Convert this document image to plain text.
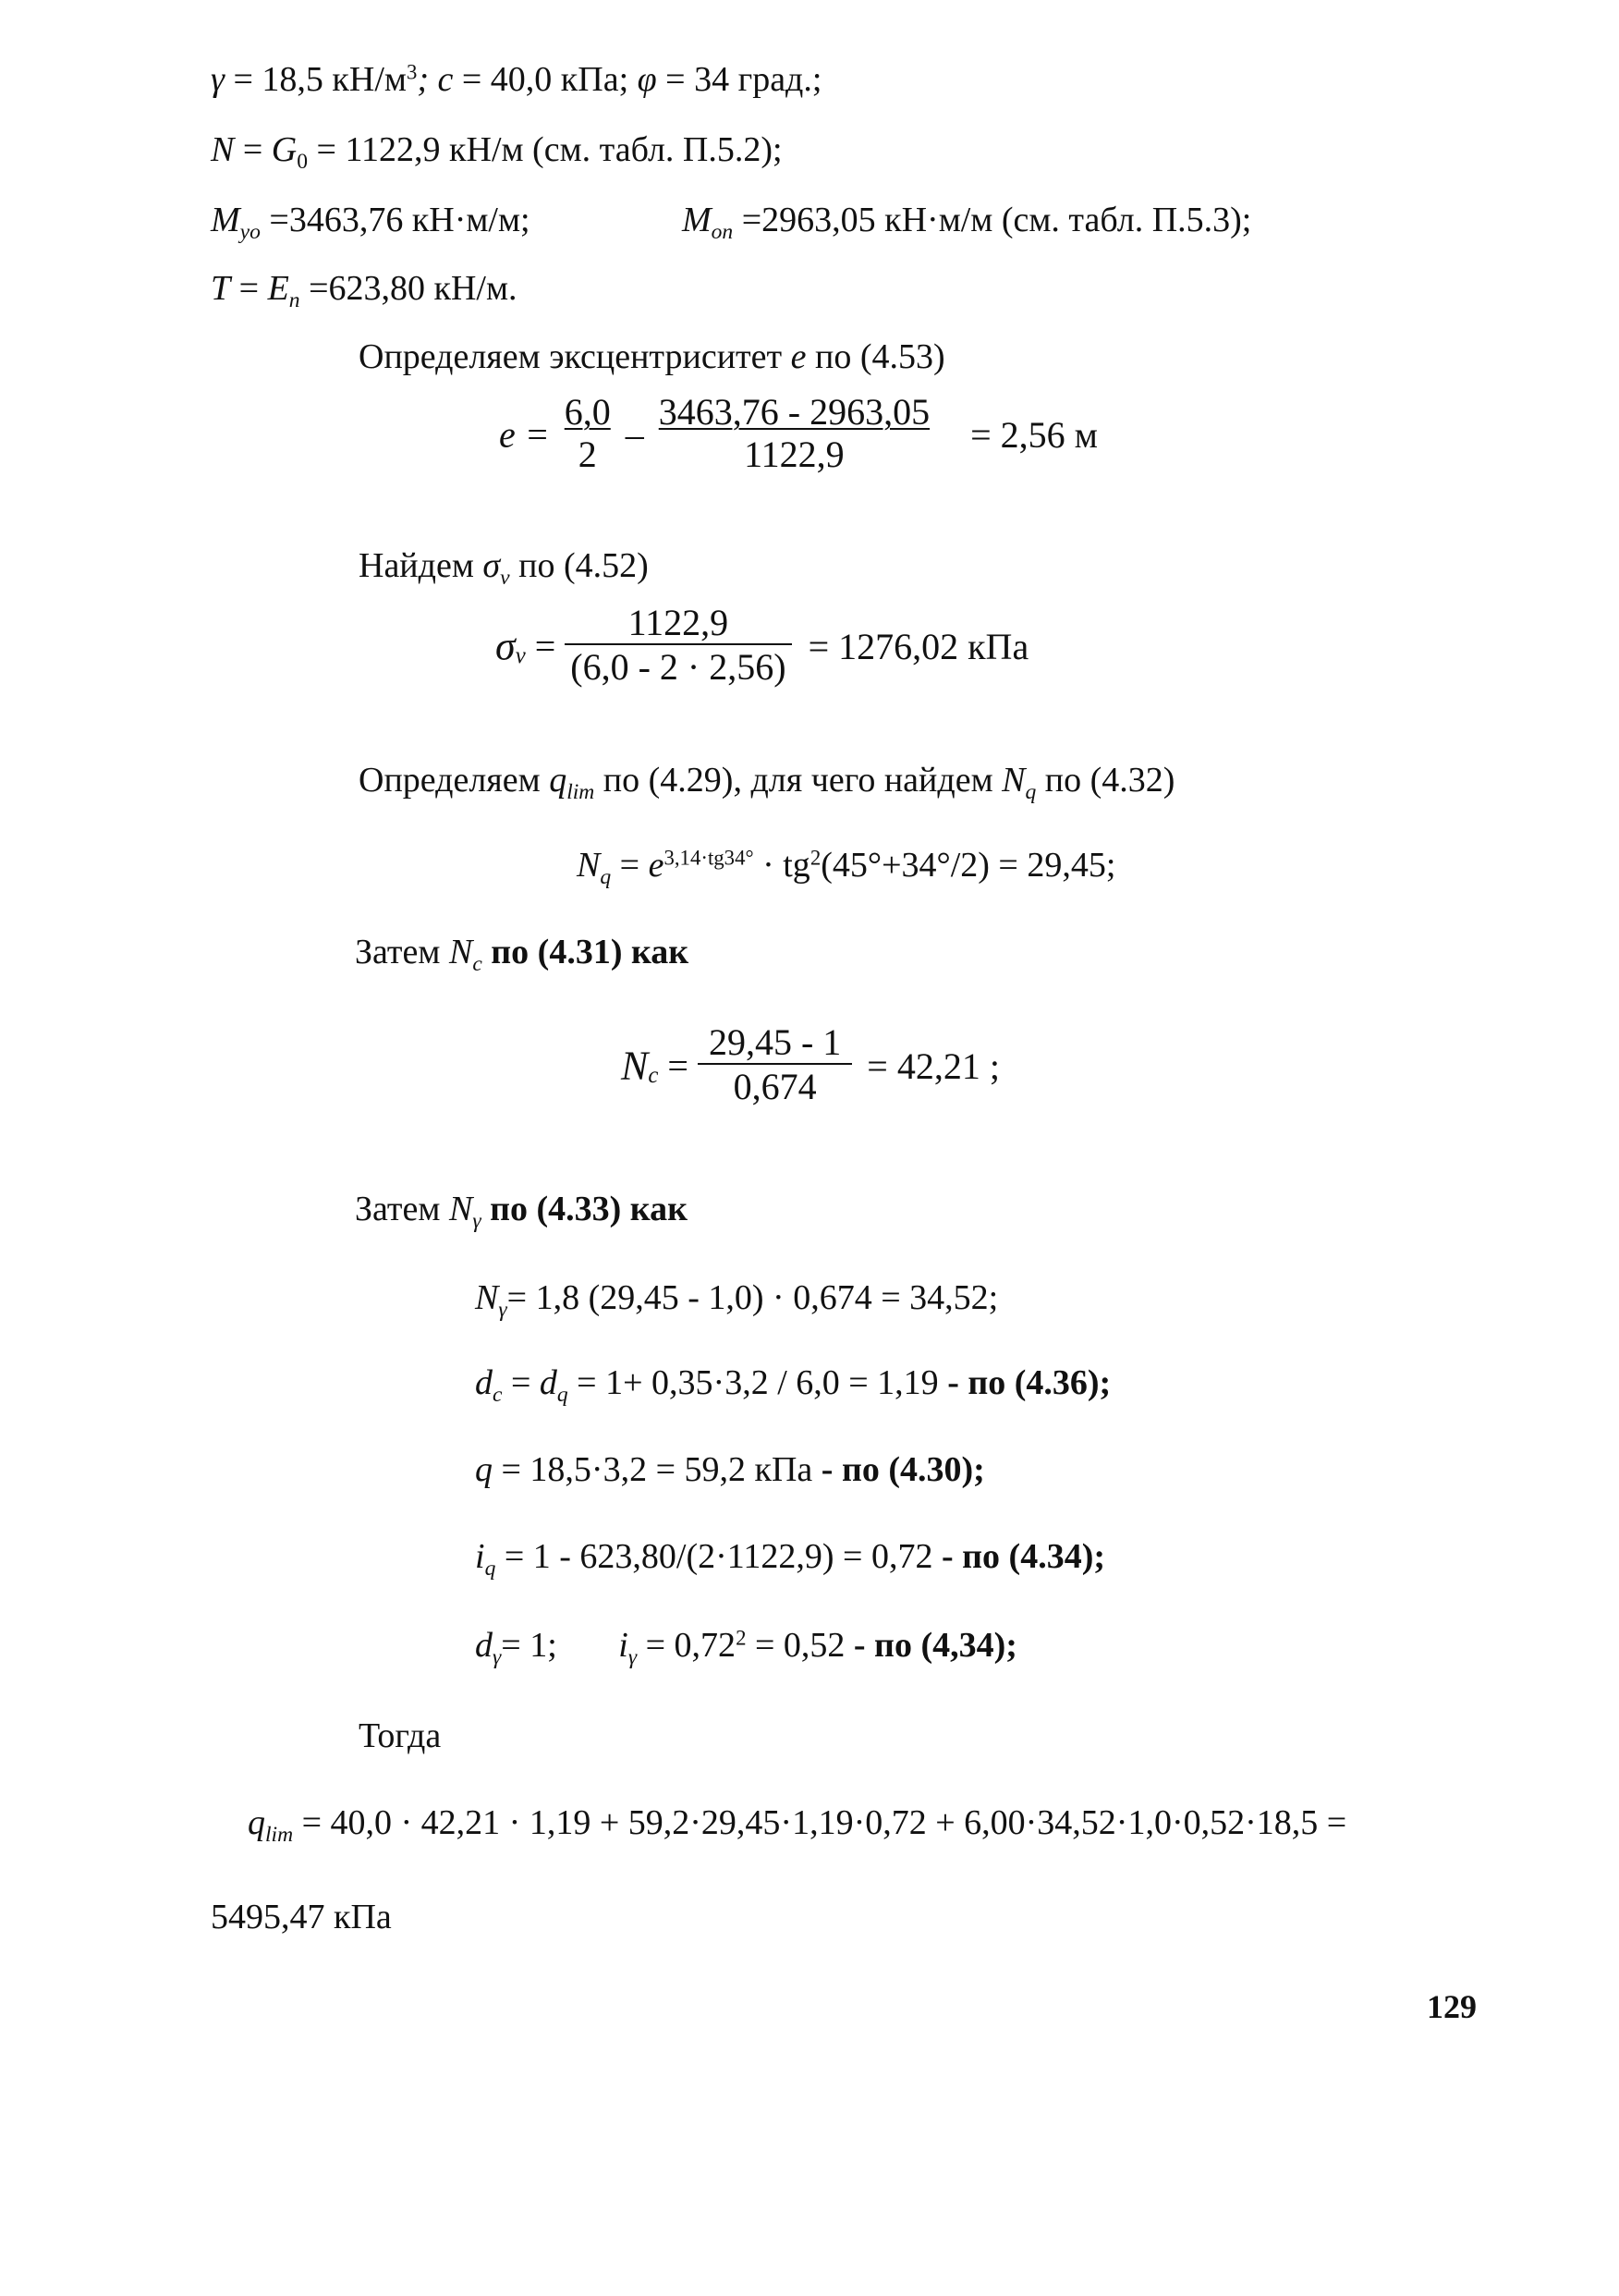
γ = 18,5 $кН/м^3$; c = 40,0 кПа; φ = 34 град.;
$N = G_0 = 1122,9$ кН/м (см. табл. П.5.2);
$M_{yo} =3463,76$ кН·м/м;	$M_{on} =2963,05$ кН·м/м (см. табл. П.5.3);
$T = E_n =623,80$ кН/м.
Определяем эксцентриситет e по (4.53)
$e = \frac{6,0}{2} - \frac{3463,76 - 2963,05}{1122,9} = 2,56$ м
Найдем $\sigma_v$ по (4.52)
$\sigma_v = \frac{1122,9}{(6,0 - 2 \cdot 2,56)} = 1276,02$ кПа
Определяем $q_{lim}$ по (4.29), для чего найдем $N_q$ по (4.32)
$N_q = e^{3,14\cdot tg34^\circ} \cdot tg^2(45^\circ+34^\circ/2) = 29,45$;
Затем $N_c$ по (4.31) как
$N_c = \frac{29,45 - 1}{0,674} = 42,21$ ;
Затем $N_\gamma$ по (4.33) как
$N_\gamma= 1,8$ (29,45 - 1,0) · 0,674 = 34,52;
$d_c = d_q = 1+ 0,35\cdot 3,2 / 6,0 = 1,19$ - по (4.36);
q = 18,5·3,2 = 59,2 кПа - по (4.30);
$i_q = 1 - 623,80/(2\cdot 1122,9) = 0,72$ - по (4.34);
$d_\gamma= 1$;       $i_\gamma = 0,72^2 = 0,52$ - по (4,34);
Тогда
$q_{lim} = 40,0 \cdot 42,21 \cdot 1,19 + 59,2\cdot 29,45\cdot 1,19\cdot 0,72 + 6,00\cdot 34,52\cdot 1,0\cdot 0,52\cdot 18,5$ =
5495,47 кПа
129
